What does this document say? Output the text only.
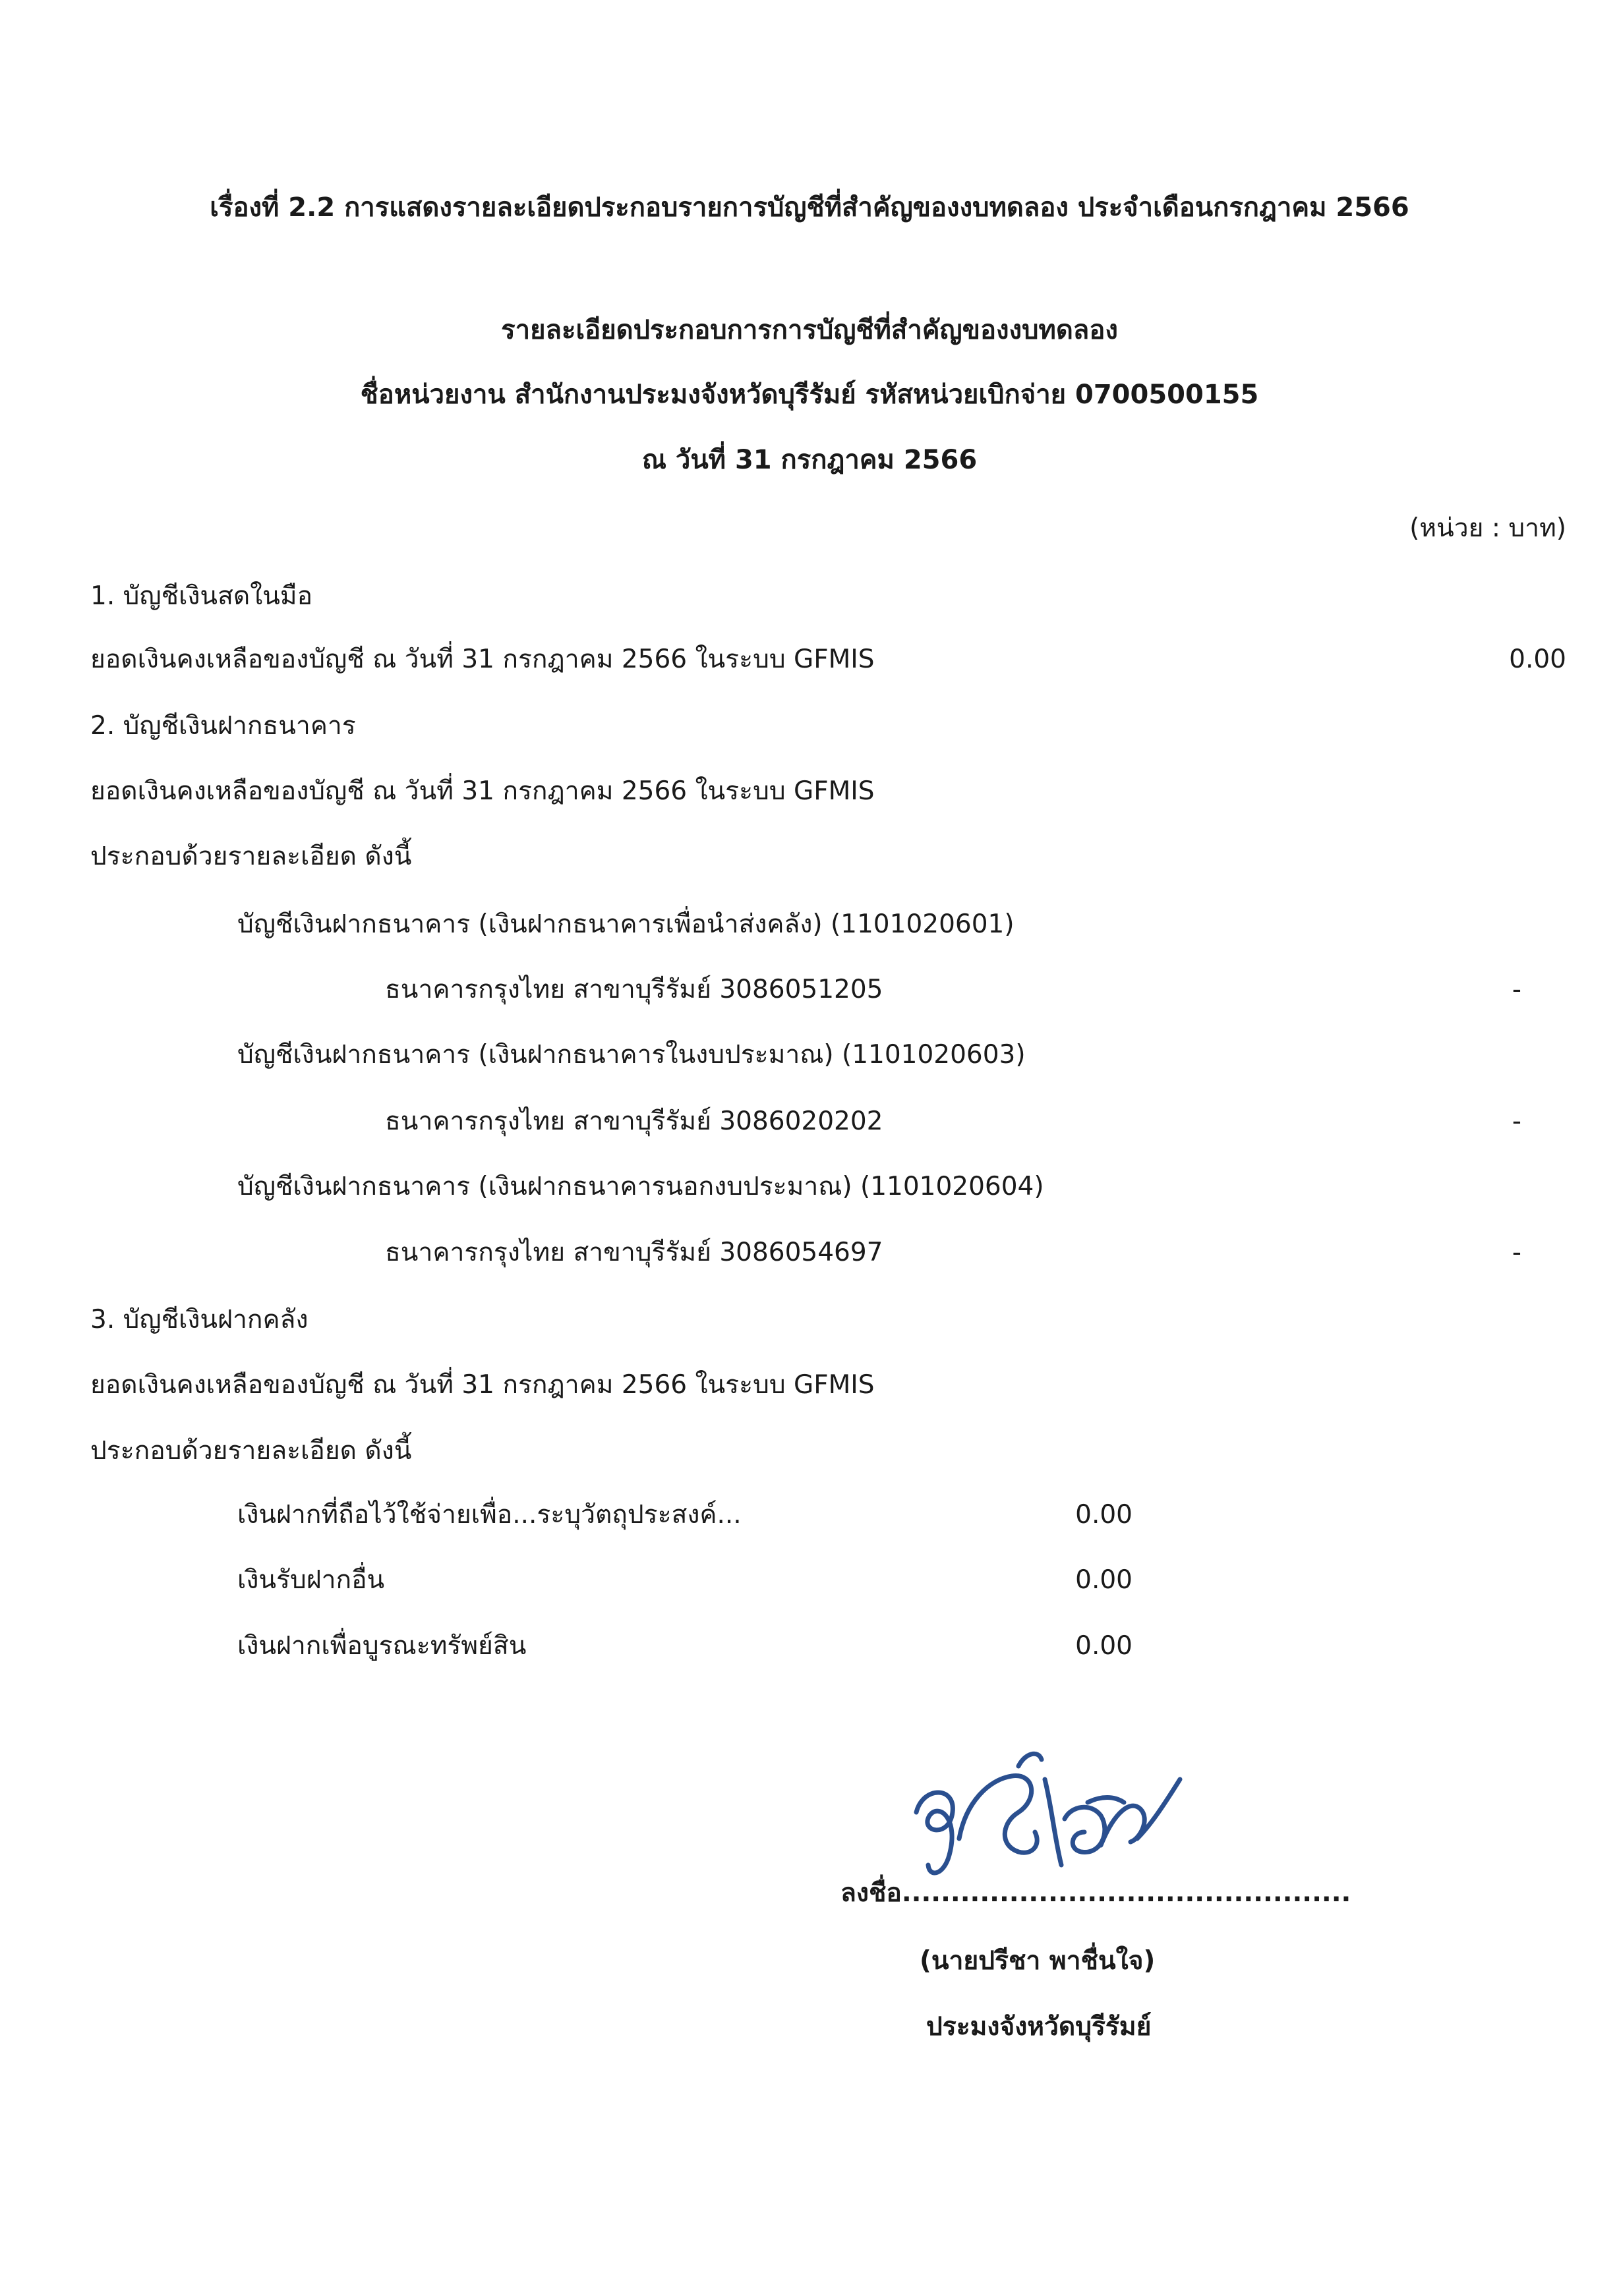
เรื่องที่ 2.2 การแสดงรายละเอียดประกอบรายการบัญชีที่สำคัญของงบทดลอง ประจำเดือนกรกฎาคม 2566
รายละเอียดประกอบการการบัญชีที่สำคัญของงบทดลอง
ชื่อหน่วยงาน สำนักงานประมงจังหวัดบุรีรัมย์ รหัสหน่วยเบิกจ่าย 0700500155
ณ วันที่ 31 กรกฎาคม 2566
(หน่วย : บาท)
1. บัญชีเงินสดในมือ
ยอดเงินคงเหลือของบัญชี ณ วันที่ 31 กรกฎาคม 2566 ในระบบ GFMIS	0.00
2. บัญชีเงินฝากธนาคาร
ยอดเงินคงเหลือของบัญชี ณ วันที่ 31 กรกฎาคม 2566 ในระบบ GFMIS
ประกอบด้วยรายละเอียด ดังนี้
บัญชีเงินฝากธนาคาร (เงินฝากธนาคารเพื่อนำส่งคลัง) (1101020601)
ธนาคารกรุงไทย สาขาบุรีรัมย์ 3086051205	-
บัญชีเงินฝากธนาคาร (เงินฝากธนาคารในงบประมาณ) (1101020603)
ธนาคารกรุงไทย สาขาบุรีรัมย์ 3086020202	-
บัญชีเงินฝากธนาคาร (เงินฝากธนาคารนอกงบประมาณ) (1101020604)
ธนาคารกรุงไทย สาขาบุรีรัมย์ 3086054697	-
3. บัญชีเงินฝากคลัง
ยอดเงินคงเหลือของบัญชี ณ วันที่ 31 กรกฎาคม 2566 ในระบบ GFMIS
ประกอบด้วยรายละเอียด ดังนี้
เงินฝากที่ถือไว้ใช้จ่ายเพื่อ...ระบุวัตถุประสงค์...	0.00
เงินรับฝากอื่น	0.00
เงินฝากเพื่อบูรณะทรัพย์สิน	0.00
ลงชื่อ..............................................
(นายปรีชา พาชื่นใจ)
ประมงจังหวัดบุรีรัมย์
